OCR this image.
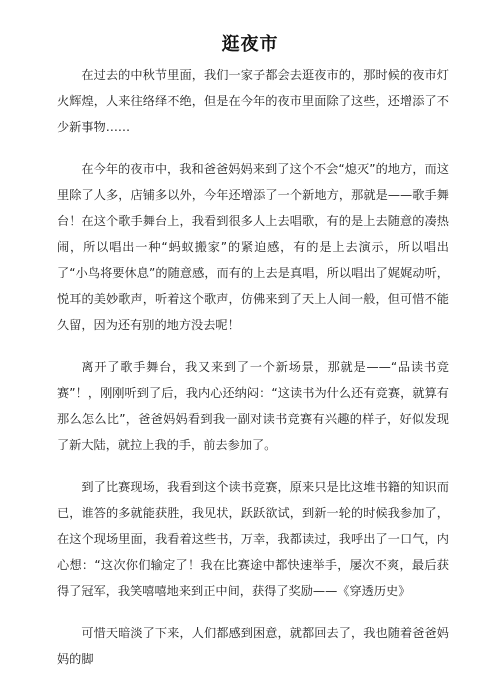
逛夜市

在过去的中秋节里面，我们一家子都会去逛夜市的，那时候的夜市灯火辉煌，人来往络绎不绝，但是在今年的夜市里面除了这些，还增添了不少新事物……

在今年的夜市中，我和爸爸妈妈来到了这个不会“熄灭”的地方，而这里除了人多，店铺多以外，今年还增添了一个新地方，那就是——歌手舞台！在这个歌手舞台上，我看到很多人上去唱歌，有的是上去随意的凑热闹，所以唱出一种“蚂蚁搬家”的紧迫感，有的是上去演示，所以唱出了“小鸟将要休息”的随意感，而有的上去是真唱，所以唱出了娓娓动听，悦耳的美妙歌声，听着这个歌声，仿佛来到了天上人间一般，但可惜不能久留，因为还有别的地方没去呢！

离开了歌手舞台，我又来到了一个新场景，那就是——“品读书竞赛”！，刚刚听到了后，我内心还纳闷：“这读书为什么还有竞赛，就算有那么怎么比”，爸爸妈妈看到我一副对读书竞赛有兴趣的样子，好似发现了新大陆，就拉上我的手，前去参加了。

到了比赛现场，我看到这个读书竞赛，原来只是比这堆书籍的知识而已，谁答的多就能获胜，我见状，跃跃欲试，到新一轮的时候我参加了，在这个现场里面，我看着这些书，万幸，我都读过，我呼出了一口气，内心想：“这次你们输定了！我在比赛途中都快速举手，屡次不爽，最后获得了冠军，我笑嘻嘻地来到正中间，获得了奖励——《穿透历史》

可惜天暗淡了下来，人们都感到困意，就都回去了，我也随着爸爸妈妈的脚
